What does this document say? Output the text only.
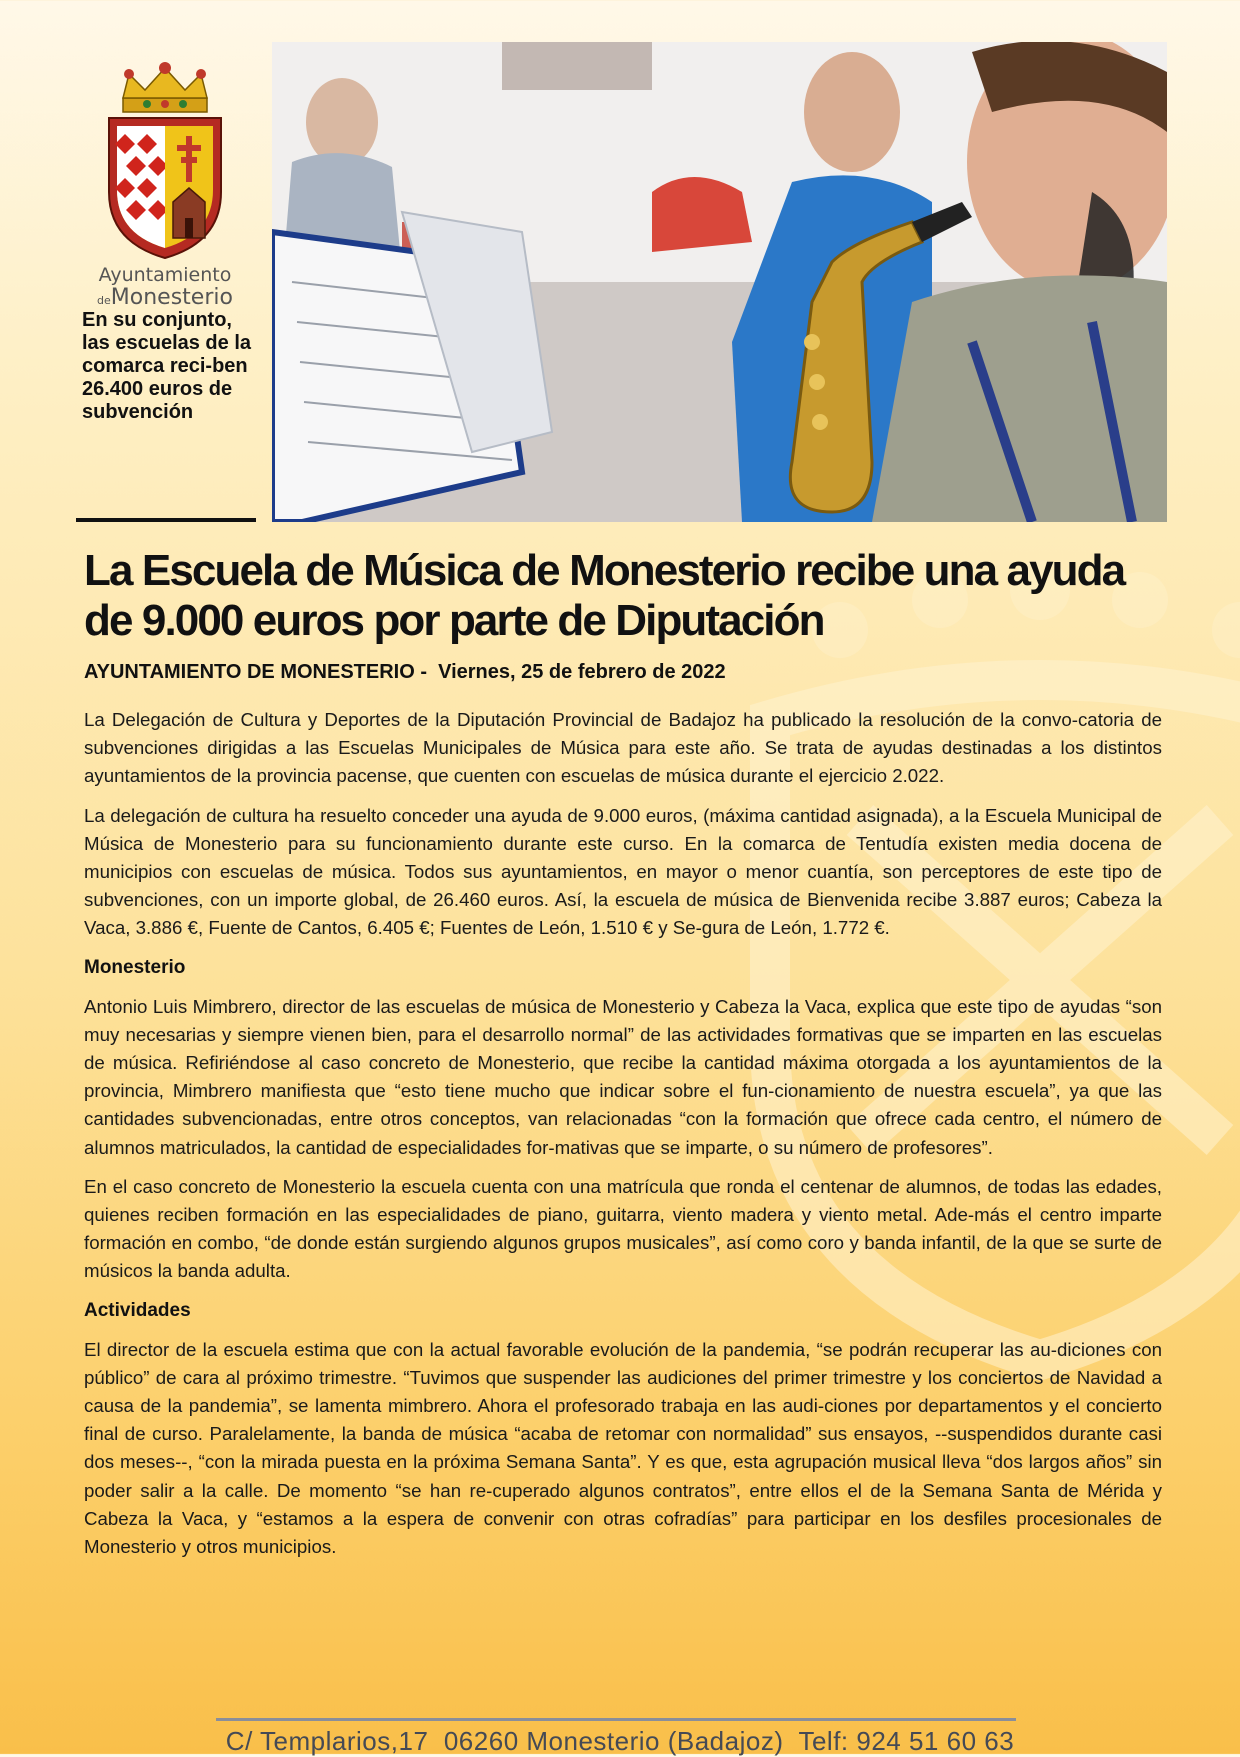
Ayuntamiento
deMonesterio
En su conjunto, las escuelas de la comarca reci-ben 26.400 euros de subvención
La Escuela de Música de Monesterio recibe una ayuda de 9.000 euros por parte de Diputación

AYUNTAMIENTO DE MONESTERIO -  Viernes, 25 de febrero de 2022

La Delegación de Cultura y Deportes de la Diputación Provincial de Badajoz ha publicado la resolución de la convo-catoria de subvenciones dirigidas a las Escuelas Municipales de Música para este año. Se trata de ayudas destinadas a los distintos ayuntamientos de la provincia pacense, que cuenten con escuelas de música durante el ejercicio 2.022.

La delegación de cultura ha resuelto conceder una ayuda de 9.000 euros, (máxima cantidad asignada), a la Escuela Municipal de Música de Monesterio para su funcionamiento durante este curso. En la comarca de Tentudía existen media docena de municipios con escuelas de música. Todos sus ayuntamientos, en mayor o menor cuantía, son perceptores de este tipo de subvenciones, con un importe global, de 26.460 euros. Así, la escuela de música de Bienvenida recibe 3.887 euros; Cabeza la Vaca, 3.886 €, Fuente de Cantos, 6.405 €; Fuentes de León, 1.510 € y Se-gura de León, 1.772 €.

Monesterio

Antonio Luis Mimbrero, director de las escuelas de música de Monesterio y Cabeza la Vaca, explica que este tipo de ayudas “son muy necesarias y siempre vienen bien, para el desarrollo normal” de las actividades formativas que se imparten en las escuelas de música. Refiriéndose al caso concreto de Monesterio, que recibe la cantidad máxima otorgada a los ayuntamientos de la provincia, Mimbrero manifiesta que “esto tiene mucho que indicar sobre el fun-cionamiento de nuestra escuela”, ya que las cantidades subvencionadas, entre otros conceptos, van relacionadas “con la formación que ofrece cada centro, el número de alumnos matriculados, la cantidad de especialidades for-mativas que se imparte, o su número de profesores”.

En el caso concreto de Monesterio la escuela cuenta con una matrícula que ronda el centenar de alumnos, de todas las edades, quienes reciben formación en las especialidades de piano, guitarra, viento madera y viento metal. Ade-más el centro imparte formación en combo, “de donde están surgiendo algunos grupos musicales”, así como coro y banda infantil, de la que se surte de músicos la banda adulta.

Actividades

El director de la escuela estima que con la actual favorable evolución de la pandemia, “se podrán recuperar las au-diciones con público” de cara al próximo trimestre. “Tuvimos que suspender las audiciones del primer trimestre y los conciertos de Navidad a causa de la pandemia”, se lamenta mimbrero. Ahora el profesorado trabaja en las audi-ciones por departamentos y el concierto final de curso. Paralelamente, la banda de música “acaba de retomar con normalidad” sus ensayos, --suspendidos durante casi dos meses--, “con la mirada puesta en la próxima Semana Santa”. Y es que, esta agrupación musical lleva “dos largos años” sin poder salir a la calle. De momento “se han re-cuperado algunos contratos”, entre ellos el de la Semana Santa de Mérida y Cabeza la Vaca, y “estamos a la espera de convenir con otras cofradías” para participar en los desfiles procesionales de Monesterio y otros municipios.

C/ Templarios,17  06260 Monesterio (Badajoz)  Telf: 924 51 60 63
